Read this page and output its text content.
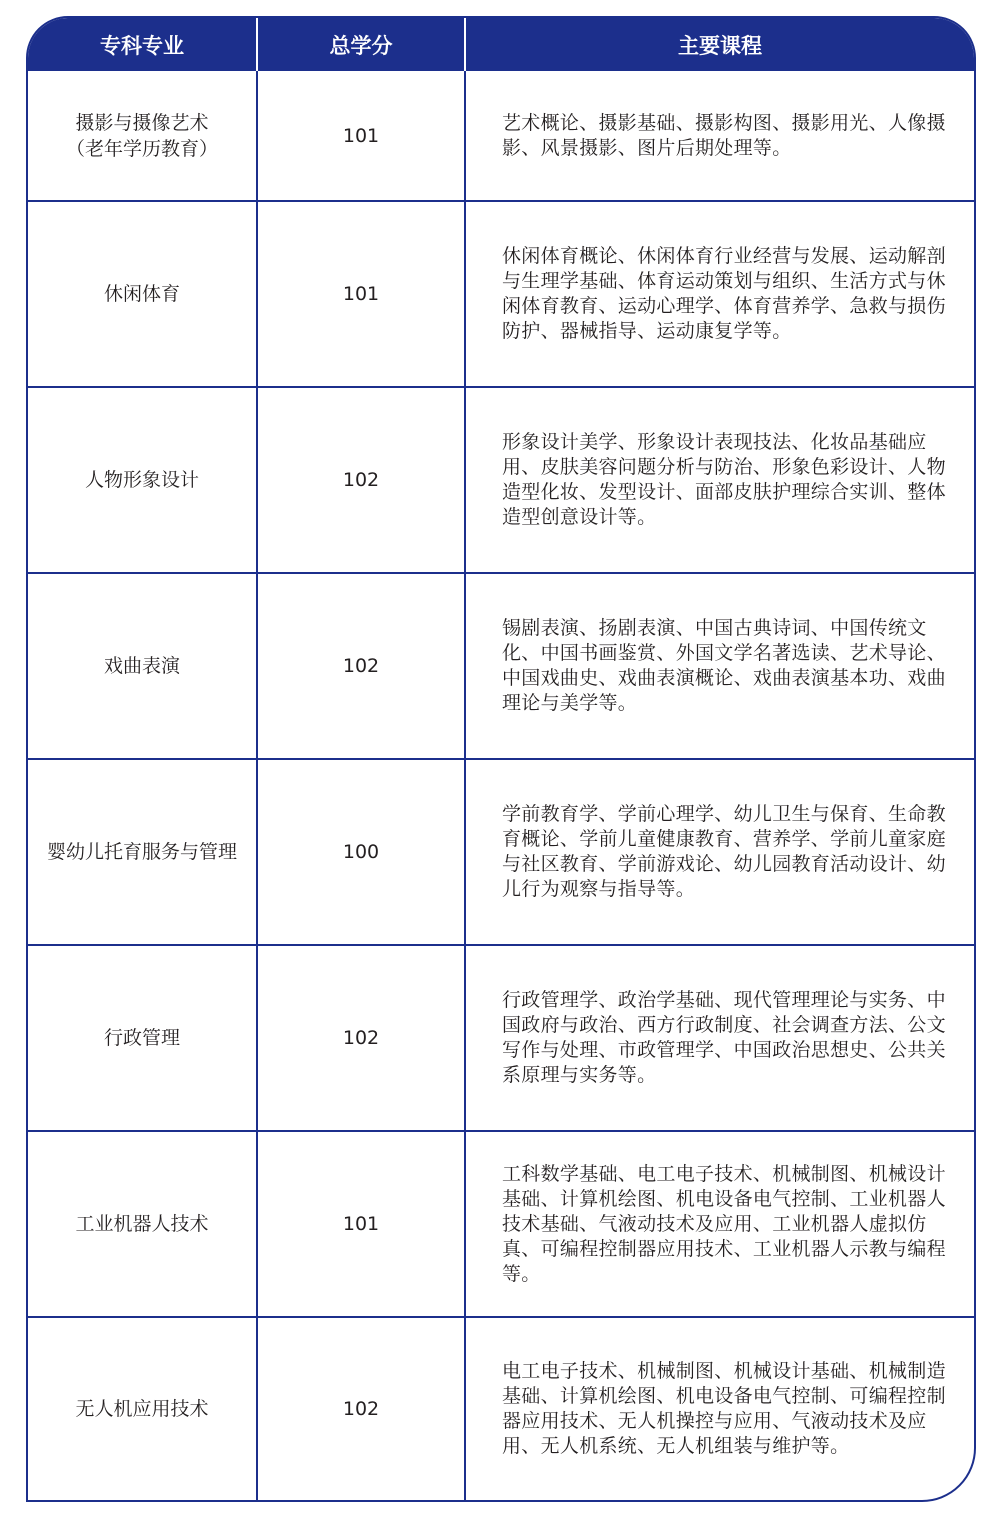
专科专业	总学分	主要课程

摄影与摄像艺术
（老年学历教育）	101	艺术概论、摄影基础、摄影构图、摄影用光、人像摄影、风景摄影、图片后期处理等。
休闲体育	101	休闲体育概论、休闲体育行业经营与发展、运动解剖与生理学基础、体育运动策划与组织、生活方式与休闲体育教育、运动心理学、体育营养学、急救与损伤防护、器械指导、运动康复学等。
人物形象设计	102	形象设计美学、形象设计表现技法、化妆品基础应用、皮肤美容问题分析与防治、形象色彩设计、人物造型化妆、发型设计、面部皮肤护理综合实训、整体造型创意设计等。
戏曲表演	102	锡剧表演、扬剧表演、中国古典诗词、中国传统文化、中国书画鉴赏、外国文学名著选读、艺术导论、中国戏曲史、戏曲表演概论、戏曲表演基本功、戏曲理论与美学等。
婴幼儿托育服务与管理	100	学前教育学、学前心理学、幼儿卫生与保育、生命教育概论、学前儿童健康教育、营养学、学前儿童家庭与社区教育、学前游戏论、幼儿园教育活动设计、幼儿行为观察与指导等。
行政管理	102	行政管理学、政治学基础、现代管理理论与实务、中国政府与政治、西方行政制度、社会调查方法、公文写作与处理、市政管理学、中国政治思想史、公共关系原理与实务等。
工业机器人技术	101	工科数学基础、电工电子技术、机械制图、机械设计基础、计算机绘图、机电设备电气控制、工业机器人技术基础、气液动技术及应用、工业机器人虚拟仿真、可编程控制器应用技术、工业机器人示教与编程等。
无人机应用技术	102	电工电子技术、机械制图、机械设计基础、机械制造基础、计算机绘图、机电设备电气控制、可编程控制器应用技术、无人机操控与应用、气液动技术及应用、无人机系统、无人机组装与维护等。
